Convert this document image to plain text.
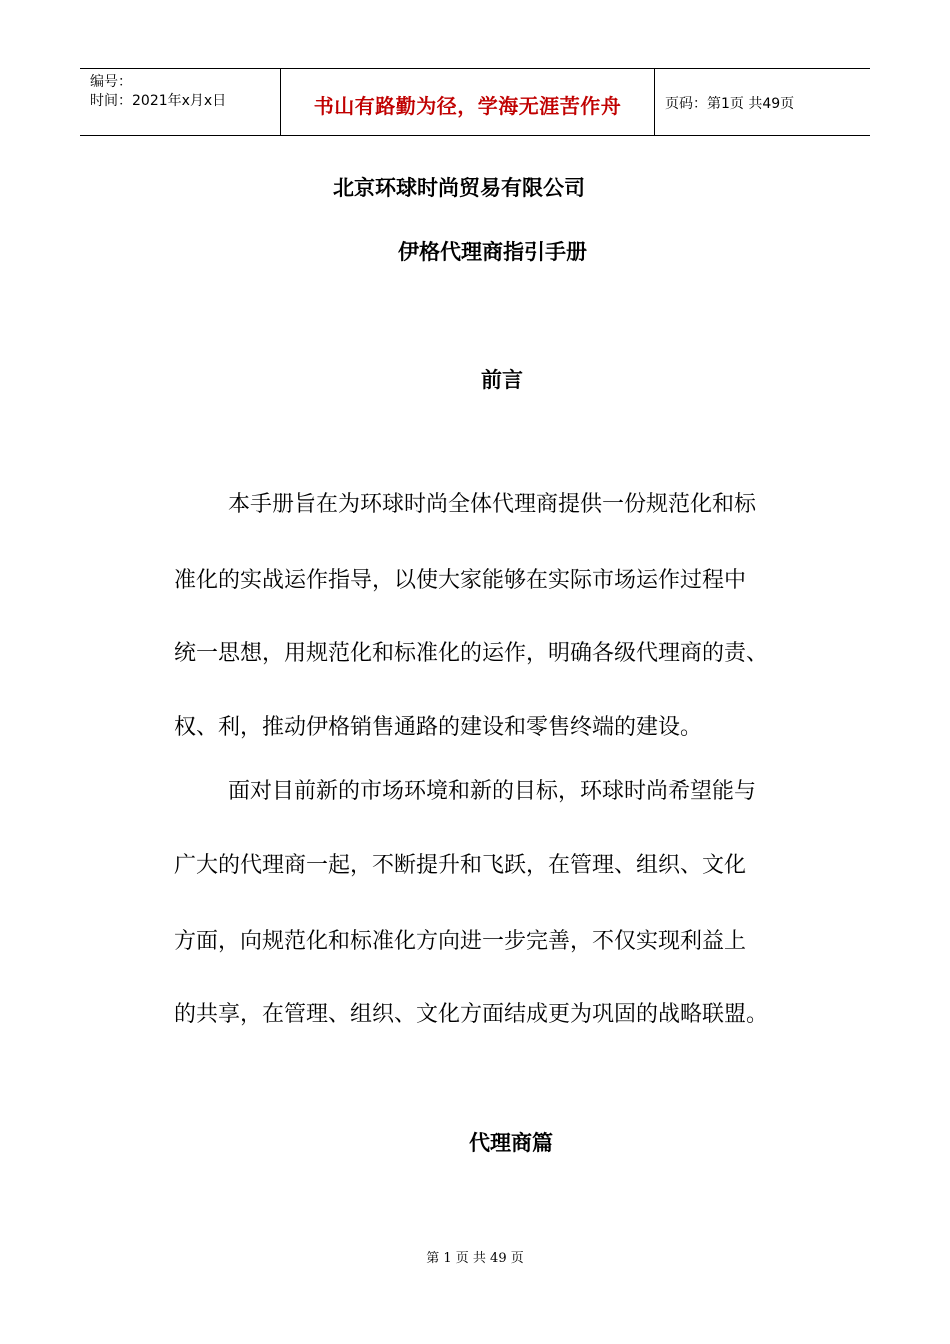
编号：
时间：2021年x月x日	书山有路勤为径，学海无涯苦作舟	页码：第1页 共49页
北京环球时尚贸易有限公司
伊格代理商指引手册
前言
本手册旨在为环球时尚全体代理商提供一份规范化和标
准化的实战运作指导，以使大家能够在实际市场运作过程中
统一思想，用规范化和标准化的运作，明确各级代理商的责、
权、利，推动伊格销售通路的建设和零售终端的建设。
面对目前新的市场环境和新的目标，环球时尚希望能与
广大的代理商一起，不断提升和飞跃，在管理、组织、文化
方面，向规范化和标准化方向进一步完善，不仅实现利益上
的共享，在管理、组织、文化方面结成更为巩固的战略联盟。
代理商篇
第 1 页 共 49 页
